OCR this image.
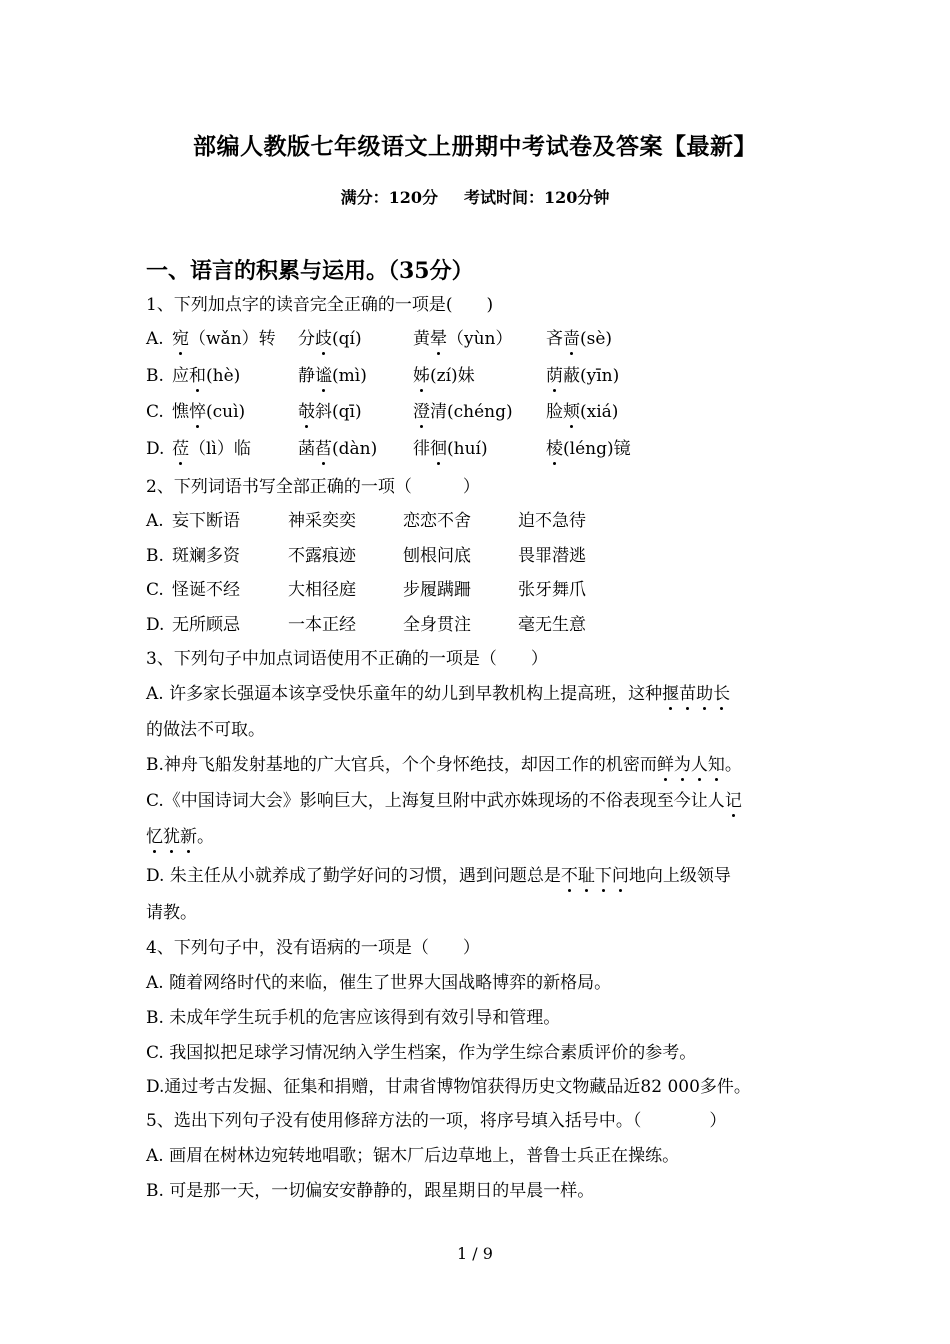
部编人教版七年级语文上册期中考试卷及答案【最新】
满分：120分 考试时间：120分钟
一、语言的积累与运用。（35分）
1、下列加点字的读音完全正确的一项是(　　)
A. 宛（wǎn）转 分歧(qí)	黄晕（yùn） 吝啬(sè)
B. 应和(hè)	静谧(mì)	姊(zí)妹	荫蔽(yīn)
C. 憔悴(cuì)	攲斜(qī)	澄清(chéng) 脸颊(xiá)
D. 莅（lì）临	菡萏(dàn) 徘徊(huí)	棱(léng)镜
2、下列词语书写全部正确的一项（　　　）
A. 妄下断语	神采奕奕	恋恋不舍	迫不急待
B. 斑斓多资	不露痕迹	刨根问底	畏罪潜逃
C. 怪诞不经	大相径庭	步履蹒跚	张牙舞爪
D. 无所顾忌	一本正经	全身贯注	毫无生意
3、下列句子中加点词语使用不正确的一项是（　　）
A. 许多家长强逼本该享受快乐童年的幼儿到早教机构上提高班，这种揠苗助长
的做法不可取。
B.神舟飞船发射基地的广大官兵，个个身怀绝技，却因工作的机密而鲜为人知。
C.《中国诗词大会》影响巨大，上海复旦附中武亦姝现场的不俗表现至今让人记
忆犹新。
D. 朱主任从小就养成了勤学好问的习惯，遇到问题总是不耻下问地向上级领导
请教。
4、下列句子中，没有语病的一项是（　　）
A. 随着网络时代的来临，催生了世界大国战略博弈的新格局。
B. 未成年学生玩手机的危害应该得到有效引导和管理。
C. 我国拟把足球学习情况纳入学生档案，作为学生综合素质评价的参考。
D.通过考古发掘、征集和捐赠，甘肃省博物馆获得历史文物藏品近82 000多件。
5、选出下列句子没有使用修辞方法的一项，将序号填入括号中。（　　　　）
A. 画眉在树林边宛转地唱歌；锯木厂后边草地上，普鲁士兵正在操练。
B. 可是那一天，一切偏安安静静的，跟星期日的早晨一样。
1 / 9
